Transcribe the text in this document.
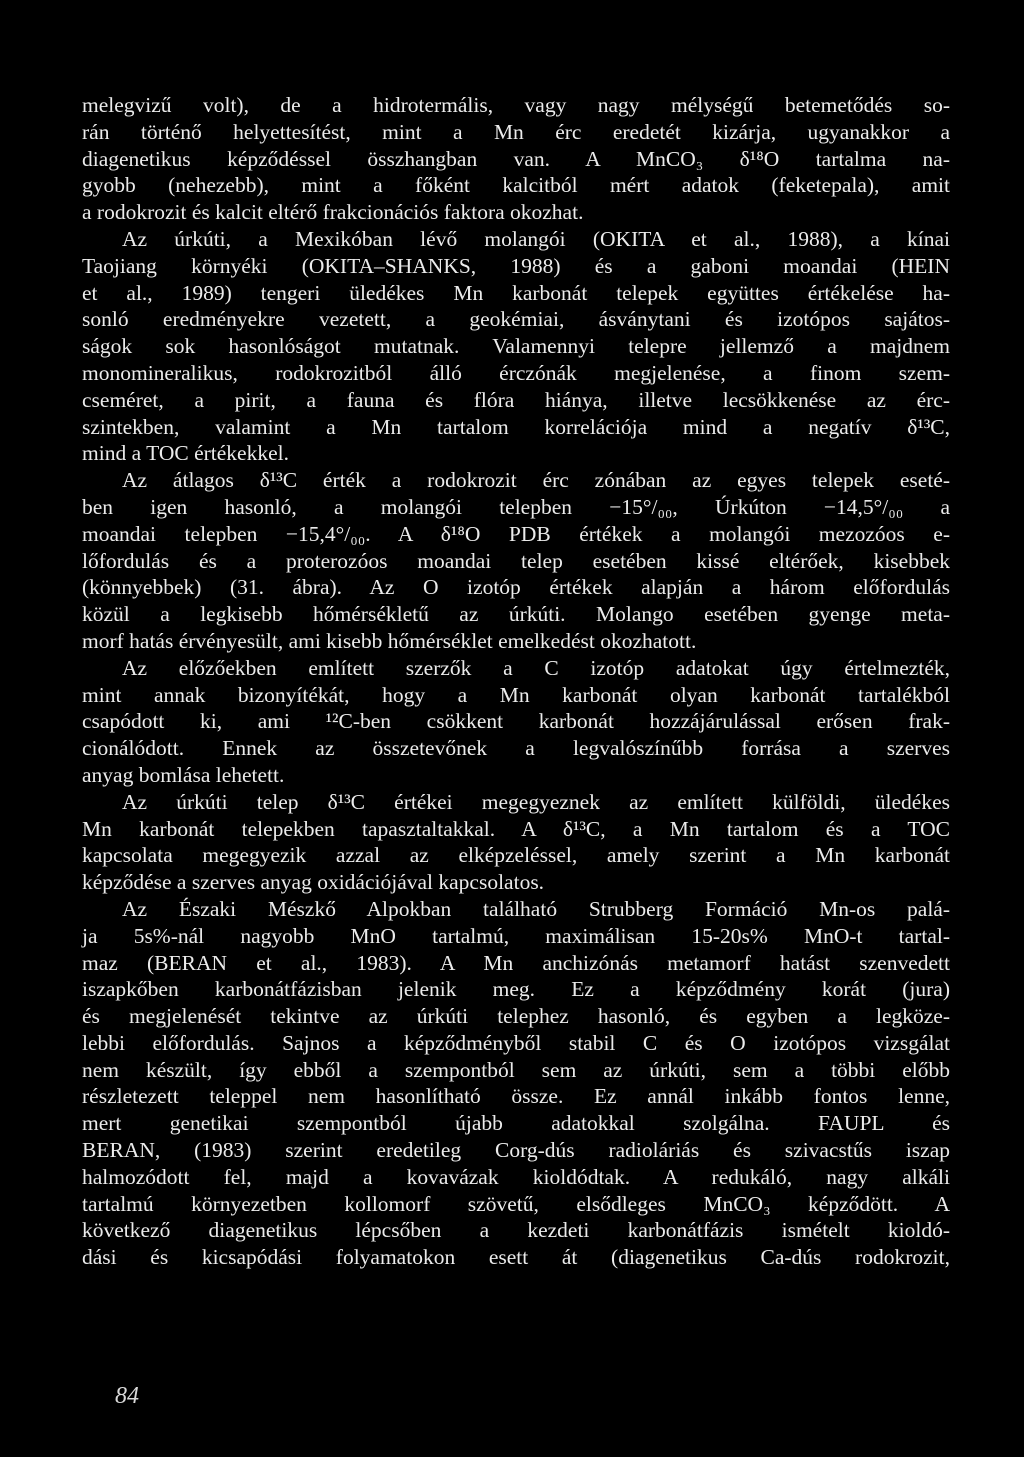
melegvizű volt), de a hidrotermális, vagy nagy mélységű betemetődés so-
rán történő helyettesítést, mint a Mn érc eredetét kizárja, ugyanakkor a
diagenetikus képződéssel összhangban van. A MnCO₃ δ¹⁸O tartalma na-
gyobb (nehezebb), mint a főként kalcitból mért adatok (feketepala), amit
a rodokrozit és kalcit eltérő frakcionációs faktora okozhat.
Az úrkúti, a Mexikóban lévő molangói (OKITA et al., 1988), a kínai
Taojiang környéki (OKITA–SHANKS, 1988) és a gaboni moandai (HEIN
et al., 1989) tengeri üledékes Mn karbonát telepek együttes értékelése ha-
sonló eredményekre vezetett, a geokémiai, ásványtani és izotópos sajátos-
ságok sok hasonlóságot mutatnak. Valamennyi telepre jellemző a majdnem
monomineralikus, rodokrozitból álló érczónák megjelenése, a finom szem-
cseméret, a pirit, a fauna és flóra hiánya, illetve lecsökkenése az érc-
szintekben, valamint a Mn tartalom korrelációja mind a negatív δ¹³C,
mind a TOC értékekkel.
Az átlagos δ¹³C érték a rodokrozit érc zónában az egyes telepek eseté-
ben igen hasonló, a molangói telepben −15°/₀₀, Úrkúton −14,5°/₀₀ a
moandai telepben −15,4°/₀₀. A δ¹⁸O PDB értékek a molangói mezozóos e-
lőfordulás és a proterozóos moandai telep esetében kissé eltérőek, kisebbek
(könnyebbek) (31. ábra). Az O izotóp értékek alapján a három előfordulás
közül a legkisebb hőmérsékletű az úrkúti. Molango esetében gyenge meta-
morf hatás érvényesült, ami kisebb hőmérséklet emelkedést okozhatott.
Az előzőekben említett szerzők a C izotóp adatokat úgy értelmezték,
mint annak bizonyítékát, hogy a Mn karbonát olyan karbonát tartalékból
csapódott ki, ami ¹²C-ben csökkent karbonát hozzájárulással erősen frak-
cionálódott. Ennek az összetevőnek a legvalószínűbb forrása a szerves
anyag bomlása lehetett.
Az úrkúti telep δ¹³C értékei megegyeznek az említett külföldi, üledékes
Mn karbonát telepekben tapasztaltakkal. A δ¹³C, a Mn tartalom és a TOC
kapcsolata megegyezik azzal az elképzeléssel, amely szerint a Mn karbonát
képződése a szerves anyag oxidációjával kapcsolatos.
Az Északi Mészkő Alpokban található Strubberg Formáció Mn-os palá-
ja 5s%-nál nagyobb MnO tartalmú, maximálisan 15-20s% MnO-t tartal-
maz (BERAN et al., 1983). A Mn anchizónás metamorf hatást szenvedett
iszapkőben karbonátfázisban jelenik meg. Ez a képződmény korát (jura)
és megjelenését tekintve az úrkúti telephez hasonló, és egyben a legköze-
lebbi előfordulás. Sajnos a képződményből stabil C és O izotópos vizsgálat
nem készült, így ebből a szempontból sem az úrkúti, sem a többi előbb
részletezett teleppel nem hasonlítható össze. Ez annál inkább fontos lenne,
mert genetikai szempontból újabb adatokkal szolgálna. FAUPL és
BERAN, (1983) szerint eredetileg Corg-dús radioláriás és szivacstűs iszap
halmozódott fel, majd a kovavázak kioldódtak. A redukáló, nagy alkáli
tartalmú környezetben kollomorf szövetű, elsődleges MnCO₃ képződött. A
következő diagenetikus lépcsőben a kezdeti karbonátfázis ismételt kioldó-
dási és kicsapódási folyamatokon esett át (diagenetikus Ca-dús rodokrozit,
84
